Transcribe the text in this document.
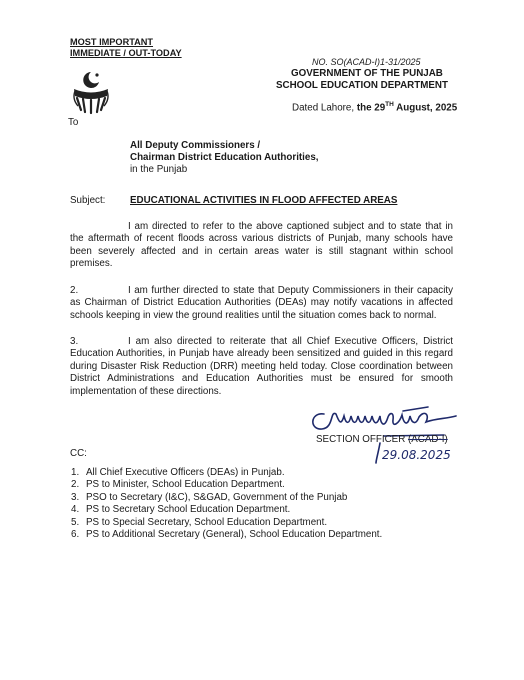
MOST IMPORTANT
IMMEDIATE / OUT-TODAY
NO. SO(ACAD-I)1-31/2025
GOVERNMENT OF THE PUNJAB
SCHOOL EDUCATION DEPARTMENT
Dated Lahore, the 29TH August, 2025
To
All Deputy Commissioners /
Chairman District Education Authorities,
in the Punjab
Subject:	EDUCATIONAL ACTIVITIES IN FLOOD AFFECTED AREAS
I am directed to refer to the above captioned subject and to state that in the aftermath of recent floods across various districts of Punjab, many schools have been severely affected and in certain areas water is still stagnant within school premises.
2.	I am further directed to state that Deputy Commissioners in their capacity as Chairman of District Education Authorities (DEAs) may notify vacations in affected schools keeping in view the ground realities until the situation comes back to normal.
3.	I am also directed to reiterate that all Chief Executive Officers, District Education Authorities, in Punjab have already been sensitized and guided in this regard during Disaster Risk Reduction (DRR) meeting held today. Close coordination between District Administrations and Education Authorities must be ensured for smooth implementation of these directions.
29.08.2025
SECTION OFFICER (ACAD-I)
CC:
1. All Chief Executive Officers (DEAs) in Punjab.
2. PS to Minister, School Education Department.
3. PSO to Secretary (I&C), S&GAD, Government of the Punjab
4. PS to Secretary School Education Department.
5. PS to Special Secretary, School Education Department.
6. PS to Additional Secretary (General), School Education Department.
